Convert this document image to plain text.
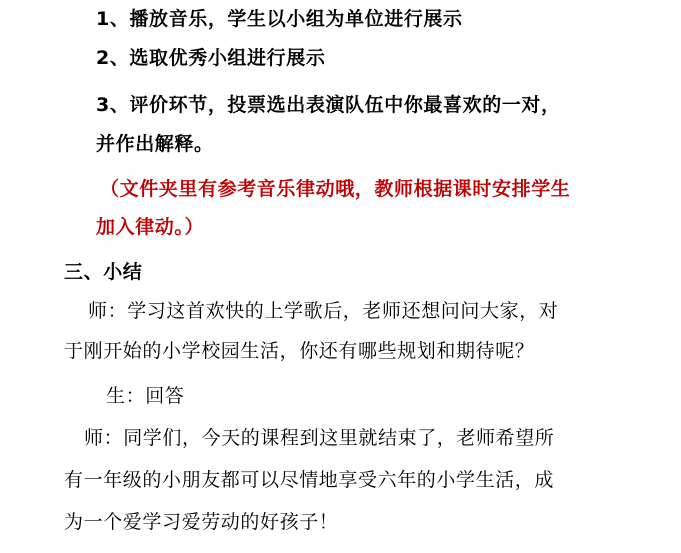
1、播放音乐，学生以小组为单位进行展示
2、选取优秀小组进行展示
3、评价环节，投票选出表演队伍中你最喜欢的一对，
并作出解释。
（文件夹里有参考音乐律动哦，教师根据课时安排学生
加入律动。）
三、小结
师：学习这首欢快的上学歌后，老师还想问问大家，对
于刚开始的小学校园生活，你还有哪些规划和期待呢？
生：回答
师：同学们，今天的课程到这里就结束了，老师希望所
有一年级的小朋友都可以尽情地享受六年的小学生活，成
为一个爱学习爱劳动的好孩子！
